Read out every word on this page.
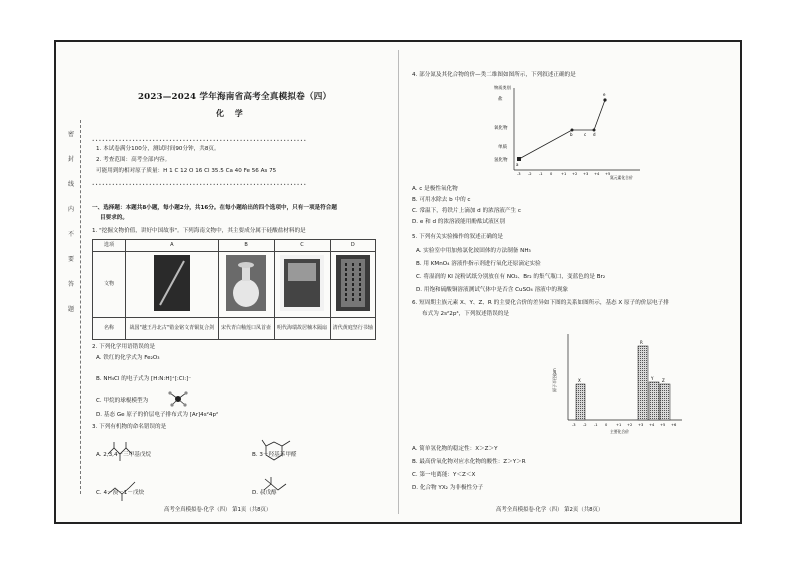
密
封
线
内
不
要
答
题
2023—2024 学年海南省高考全真模拟卷（四）
化 学
••••••••••••••••••••••••••••••••••••••••••••••••••••••••••••••••
1. 本试卷满分100分，测试时间90分钟，共8页。
2. 考查范围：高考全部内容。
可能用到的相对原子质量：H 1 C 12 O 16 Cl 35.5 Ca 40 Fe 56 As 75
••••••••••••••••••••••••••••••••••••••••••••••••••••••••••••••••
一、选择题：本题共8小题，每小题2分，共16分。在每小题给出的四个选项中，只有一项是符合题
目要求的。
1. "挖掘文物价值，讲好中国故事"。下列海南文物中，其主要成分属于硅酸盐材料的是
选项	A	B	C	D
文物				
名称	战国"越王丹北古"错金铭文青铜复合剑	宋代青白釉莲口凤首壶	明代海瑞故居楠木隔扇	清代黄庭坚行书轴
2. 下列化学用语错误的是
A. 铁红的化学式为 Fe₂O₃
B. NH₄Cl 的电子式为 [H:N:H]⁺[:Cl:]⁻
C. 甲烷的球棍模型为
D. 基态 Ge 原子的价层电子排布式为 [Ar]4s²4p²
3. 下列有机物的命名错误的是
A. 2,3,4－三甲基戊烷	B. 3－羟基苯甲醛
C. 4－溴－1－戊炔	D. 叔戊醇
高考全真模拟卷·化学（四） 第1页（共8页）
4. 部分氮及其化合物的价—类二维图如图所示，下列叙述正确的是
物质类别
盐
氧化物
单质
氢化物
a
b	c d
e
-3 -2 -1 0 +1 +2 +3 +4 +5
氮元素化合价
A. c 是极性氧化物
B. 可用水除去 b 中的 c
C. 常温下，将铁片上滴加 d 的浓溶液产生 c
D. e 和 d 的浓溶液能用酚酞试液区别
5. 下列有关实验操作的叙述正确的是
A. 实验室中用加热氯化铵固体的方法制备 NH₃
B. 用 KMnO₄ 溶液作指示剂进行氧化还原滴定实验
C. 将湿润的 KI 淀粉试纸分别放在有 NO₂、Br₂ 的集气瓶口，变蓝色的是 Br₂
D. 用饱和硫酸铜溶液测试气体中是否含 CuSO₄ 溶液中的现象
6. 短周期主族元素 X、Y、Z、R 的主要化合价的差异如下图的关系如图所示，基态 X 原子的价层电子排
布式为 2s²2p⁴，下列叙述错误的是
原子半径/pm	X
R
Y Z
-3 -2 -1 0 +1 +2 +3 +4 +5 +6
主要化合价
A. 简单氢化物的稳定性：X＞Z＞Y
B. 最高价氧化物对应水化物的酸性：Z＞Y＞R
C. 第一电离能：Y＜Z＜X
D. 化合物 YX₂ 为非极性分子
高考全真模拟卷·化学（四） 第2页（共8页）
